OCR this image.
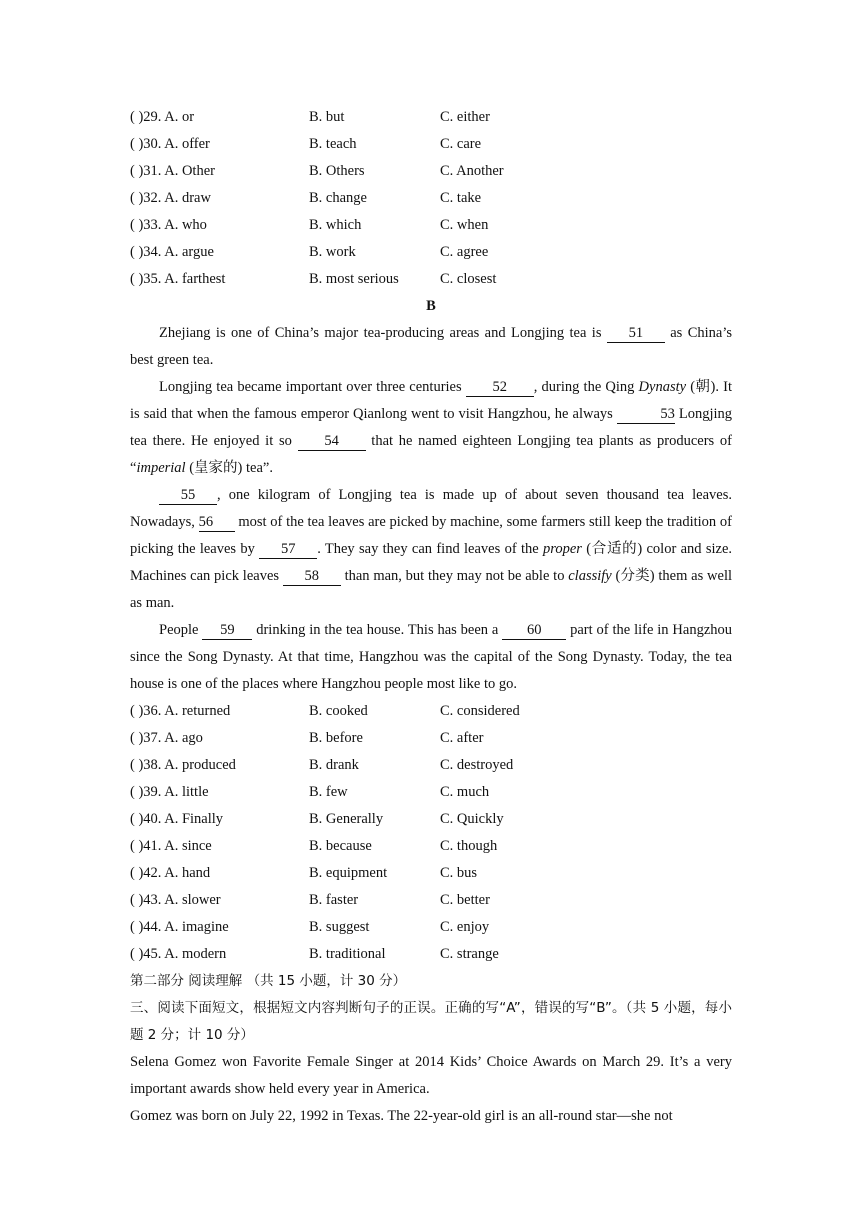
( )29. A. or	B. but	C. either
( )30. A. offer	B. teach	C. care
( )31. A. Other	B. Others	C. Another
( )32. A. draw	B. change	C. take
( )33. A. who	B. which	C. when
( )34. A. argue	B. work	C. agree
( )35. A. farthest	B. most serious	C. closest
B

Zhejiang is one of China’s major tea-producing areas and Longjing tea is 51 as China’s best green tea.

Longjing tea became important over three centuries 52 , during the Qing Dynasty (朝). It is said that when the famous emperor Qianlong went to visit Hangzhou, he always	53 Longjing tea there. He enjoyed it so 54 that he named eighteen Longjing tea plants as producers of “imperial (皇家的) tea”.

55 , one kilogram of Longjing tea is made up of about seven thousand tea leaves. Nowadays, 56 most of the tea leaves are picked by machine, some farmers still keep the tradition of picking the leaves by 57 . They say they can find leaves of the proper (合适的) color and size. Machines can pick leaves 58 than man, but they may not be able to classify (分类) them as well as man.

People 59 drinking in the tea house. This has been a 60 part of the life in Hangzhou since the Song Dynasty. At that time, Hangzhou was the capital of the Song Dynasty. Today, the tea house is one of the places where Hangzhou people most like to go.

( )36. A. returned	B. cooked	C. considered
( )37. A. ago	B. before	C. after
( )38. A. produced	B. drank	C. destroyed
( )39. A. little	B. few	C. much
( )40. A. Finally	B. Generally	C. Quickly
( )41. A. since	B. because	C. though
( )42. A. hand	B. equipment	C. bus
( )43. A. slower	B. faster	C. better
( )44. A. imagine	B. suggest	C. enjoy
( )45. A. modern	B. traditional	C. strange

第二部分 阅读理解 （共 15 小题，计 30 分）

三、阅读下面短文，根据短文内容判断句子的正误。正确的写“A”，错误的写“B”。（共 5 小题，每小题 2 分；计 10 分）

Selena Gomez won Favorite Female Singer at 2014 Kids’ Choice Awards on March 29. It’s a very important awards show held every year in America.

Gomez was born on July 22, 1992 in Texas. The 22-year-old girl is an all-round star—she not
